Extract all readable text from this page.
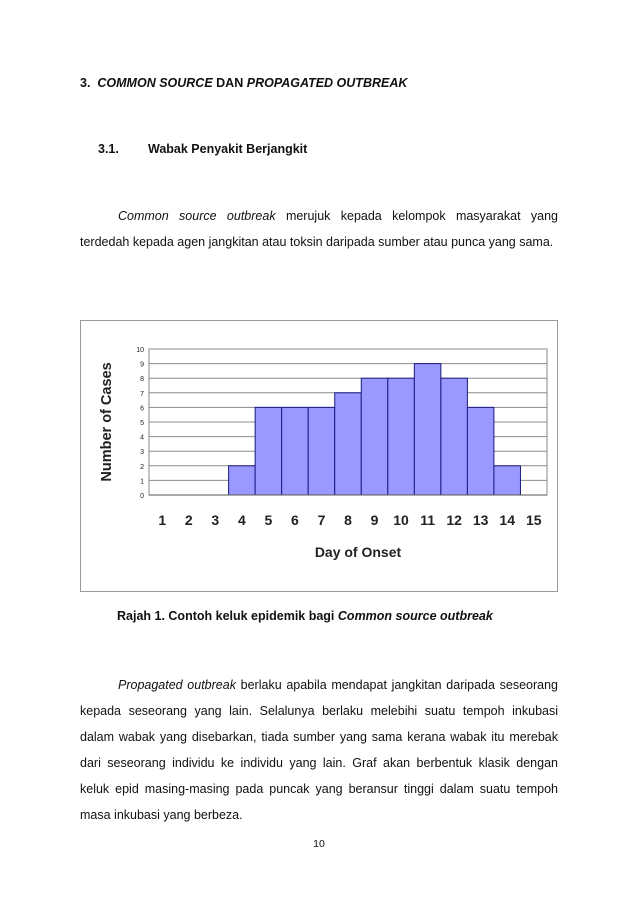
3. COMMON SOURCE DAN PROPAGATED OUTBREAK
3.1. Wabak Penyakit Berjangkit
Common source outbreak merujuk kepada kelompok masyarakat yang terdedah kepada agen jangkitan atau toksin daripada sumber atau punca yang sama.
0
1
2
3
4
5
6
7
8
9
10
1 2 3 4 5 6 7 8 9 10 11 12 13 14 15
Day of Onset
Number of Cases
Rajah 1. Contoh keluk epidemik bagi Common source outbreak
Propagated outbreak berlaku apabila mendapat jangkitan daripada seseorang kepada seseorang yang lain. Selalunya berlaku melebihi suatu tempoh inkubasi dalam wabak yang disebarkan, tiada sumber yang sama kerana wabak itu merebak dari seseorang individu ke individu yang lain. Graf akan berbentuk klasik dengan keluk epid masing-masing pada puncak yang beransur tinggi dalam suatu tempoh masa inkubasi yang berbeza.
10
